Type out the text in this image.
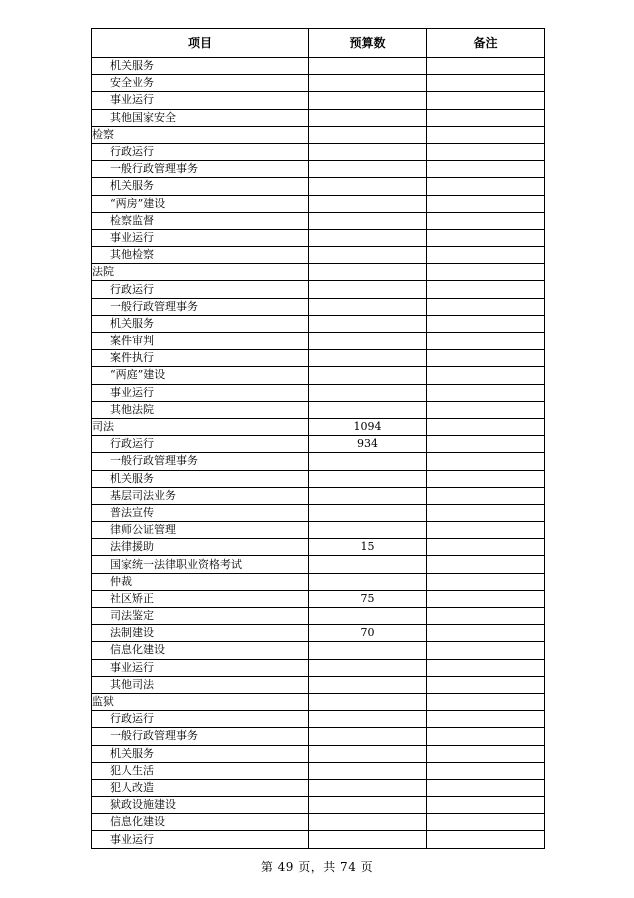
项目	预算数	备注
机关服务		
安全业务		
事业运行		
其他国家安全		
检察		
行政运行		
一般行政管理事务		
机关服务		
“两房”建设		
检察监督		
事业运行		
其他检察		
法院		
行政运行		
一般行政管理事务		
机关服务		
案件审判		
案件执行		
“两庭”建设		
事业运行		
其他法院		
司法	1094	
行政运行	934	
一般行政管理事务		
机关服务		
基层司法业务		
普法宣传		
律师公证管理		
法律援助	15	
国家统一法律职业资格考试		
仲裁		
社区矫正	75	
司法鉴定		
法制建设	70	
信息化建设		
事业运行		
其他司法		
监狱		
行政运行		
一般行政管理事务		
机关服务		
犯人生活		
犯人改造		
狱政设施建设		
信息化建设		
事业运行		
第 49 页，共 74 页
